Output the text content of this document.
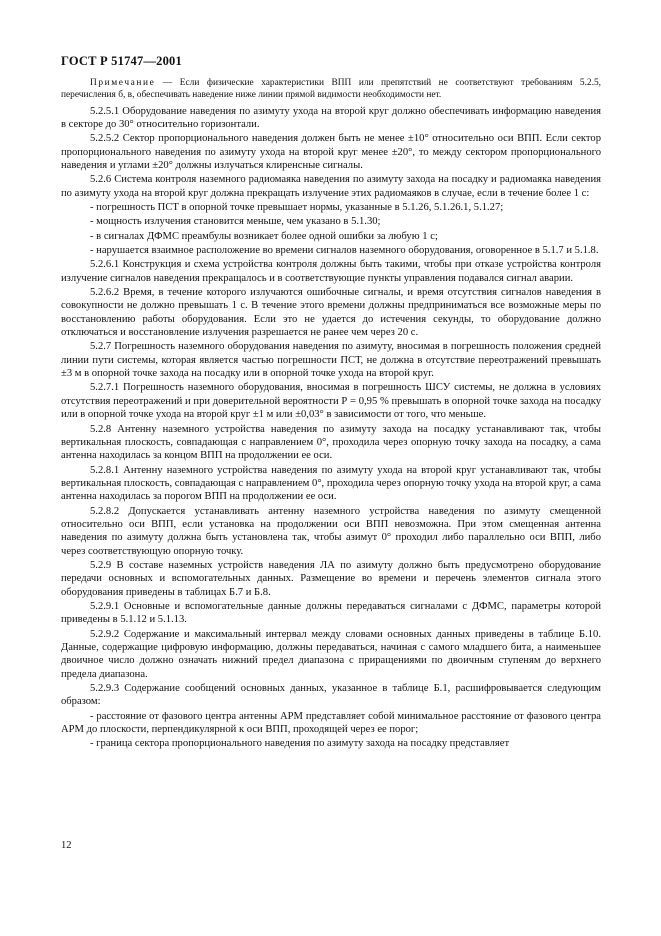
ГОСТ Р 51747—2001

Примечание — Если физические характеристики ВПП или препятствий не соответствуют требованиям 5.2.5, перечисления б, в, обеспечивать наведение ниже линии прямой видимости необходимости нет.

5.2.5.1 Оборудование наведения по азимуту ухода на второй круг должно обеспечивать информацию наведения в секторе до 30° относительно горизонтали.

5.2.5.2 Сектор пропорционального наведения должен быть не менее ±10° относительно оси ВПП. Если сектор пропорционального наведения по азимуту ухода на второй круг менее ±20°, то между сектором пропорционального наведения и углами ±20° должны излучаться клиренсные сигналы.

5.2.6 Система контроля наземного радиомаяка наведения по азимуту захода на посадку и радиомаяка наведения по азимуту ухода на второй круг должна прекращать излучение этих радиомаяков в случае, если в течение более 1 с:

- погрешность ПСТ в опорной точке превышает нормы, указанные в 5.1.26, 5.1.26.1, 5.1.27;

- мощность излучения становится меньше, чем указано в 5.1.30;

- в сигналах ДФМС преамбулы возникает более одной ошибки за любую 1 с;

- нарушается взаимное расположение во времени сигналов наземного оборудования, оговоренное в 5.1.7 и 5.1.8.

5.2.6.1 Конструкция и схема устройства контроля должны быть такими, чтобы при отказе устройства контроля излучение сигналов наведения прекращалось и в соответствующие пункты управления подавался сигнал аварии.

5.2.6.2 Время, в течение которого излучаются ошибочные сигналы, и время отсутствия сигналов наведения в совокупности не должно превышать 1 с. В течение этого времени должны предприниматься все возможные меры по восстановлению работы оборудования. Если это не удается до истечения секунды, то оборудование должно отключаться и восстановление излучения разрешается не ранее чем через 20 с.

5.2.7 Погрешность наземного оборудования наведения по азимуту, вносимая в погрешность положения средней линии пути системы, которая является частью погрешности ПСТ, не должна в отсутствие переотражений превышать ±3 м в опорной точке захода на посадку или в опорной точке ухода на второй круг.

5.2.7.1 Погрешность наземного оборудования, вносимая в погрешность ШСУ системы, не должна в условиях отсутствия переотражений и при доверительной вероятности Р = 0,95 % превышать в опорной точке захода на посадку или в опорной точке ухода на второй круг ±1 м или ±0,03° в зависимости от того, что меньше.

5.2.8 Антенну наземного устройства наведения по азимуту захода на посадку устанавливают так, чтобы вертикальная плоскость, совпадающая с направлением 0°, проходила через опорную точку захода на посадку, а сама антенна находилась за концом ВПП на продолжении ее оси.

5.2.8.1 Антенну наземного устройства наведения по азимуту ухода на второй круг устанавливают так, чтобы вертикальная плоскость, совпадающая с направлением 0°, проходила через опорную точку ухода на второй круг, а сама антенна находилась за порогом ВПП на продолжении ее оси.

5.2.8.2 Допускается устанавливать антенну наземного устройства наведения по азимуту смещенной относительно оси ВПП, если установка на продолжении оси ВПП невозможна. При этом смещенная антенна наведения по азимуту должна быть установлена так, чтобы азимут 0° проходил либо параллельно оси ВПП, либо через соответствующую опорную точку.

5.2.9 В составе наземных устройств наведения ЛА по азимуту должно быть предусмотрено оборудование передачи основных и вспомогательных данных. Размещение во времени и перечень элементов сигнала этого оборудования приведены в таблицах Б.7 и Б.8.

5.2.9.1 Основные и вспомогательные данные должны передаваться сигналами с ДФМС, параметры которой приведены в 5.1.12 и 5.1.13.

5.2.9.2 Содержание и максимальный интервал между словами основных данных приведены в таблице Б.10. Данные, содержащие цифровую информацию, должны передаваться, начиная с самого младшего бита, а наименьшее двоичное число должно означать нижний предел диапазона с приращениями по двоичным ступеням до верхнего предела диапазона.

5.2.9.3 Содержание сообщений основных данных, указанное в таблице Б.1, расшифровывается следующим образом:

- расстояние от фазового центра антенны АРМ представляет собой минимальное расстояние от фазового центра АРМ до плоскости, перпендикулярной к оси ВПП, проходящей через ее порог;

- граница сектора пропорционального наведения по азимуту захода на посадку представляет

12
